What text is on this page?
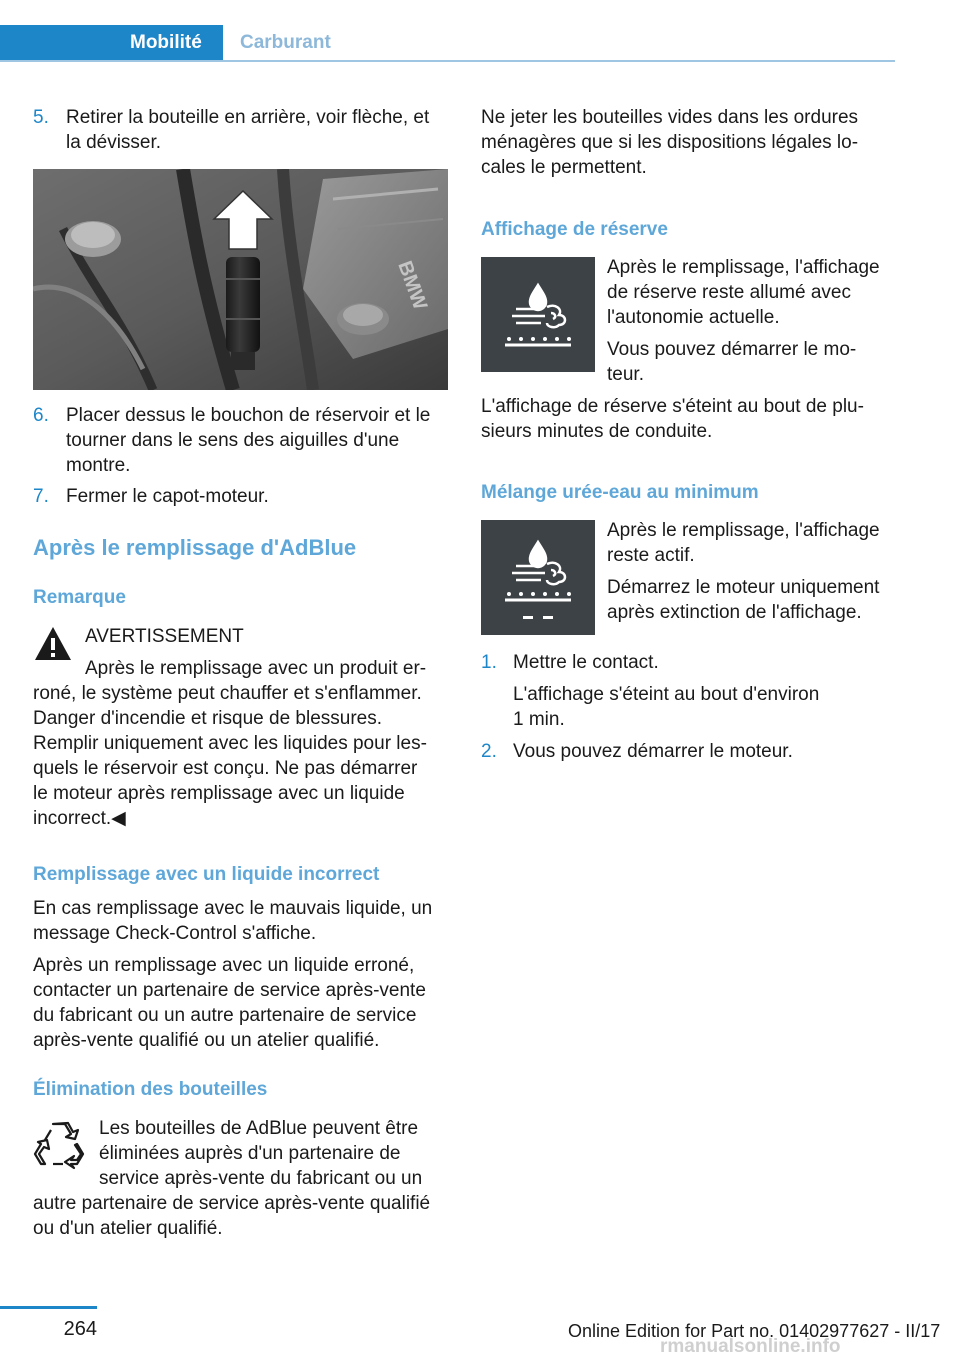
Mobilité	Carburant
5. Retirer la bouteille en arrière, voir flèche, et
la dévisser.
BMW
6. Placer dessus le bouchon de réservoir et le
tourner dans le sens des aiguilles d'une
montre.
7. Fermer le capot-moteur.
Après le remplissage d'AdBlue
Remarque
AVERTISSEMENT
Après le remplissage avec un produit er‐
roné, le système peut chauffer et s'enflammer.
Danger d'incendie et risque de blessures.
Remplir uniquement avec les liquides pour les‐
quels le réservoir est conçu. Ne pas démarrer
le moteur après remplissage avec un liquide
incorrect.◀
Remplissage avec un liquide incorrect
En cas remplissage avec le mauvais liquide, un
message Check-Control s'affiche.
Après un remplissage avec un liquide erroné,
contacter un partenaire de service après-vente
du fabricant ou un autre partenaire de service
après-vente qualifié ou un atelier qualifié.
Élimination des bouteilles
Les bouteilles de AdBlue peuvent être
éliminées auprès d'un partenaire de
service après-vente du fabricant ou un
autre partenaire de service après-vente qualifié
ou d'un atelier qualifié.
Ne jeter les bouteilles vides dans les ordures
ménagères que si les dispositions légales lo‐
cales le permettent.
Affichage de réserve
Après le remplissage, l'affichage
de réserve reste allumé avec
l'autonomie actuelle.
Vous pouvez démarrer le mo‐
teur.
L'affichage de réserve s'éteint au bout de plu‐
sieurs minutes de conduite.
Mélange urée-eau au minimum
Après le remplissage, l'affichage
reste actif.
Démarrez le moteur uniquement
après extinction de l'affichage.
1. Mettre le contact.
L'affichage s'éteint au bout d'environ
1 min.
2. Vous pouvez démarrer le moteur.
264	Online Edition for Part no. 01402977627 - II/17
rmanualsonline.info
